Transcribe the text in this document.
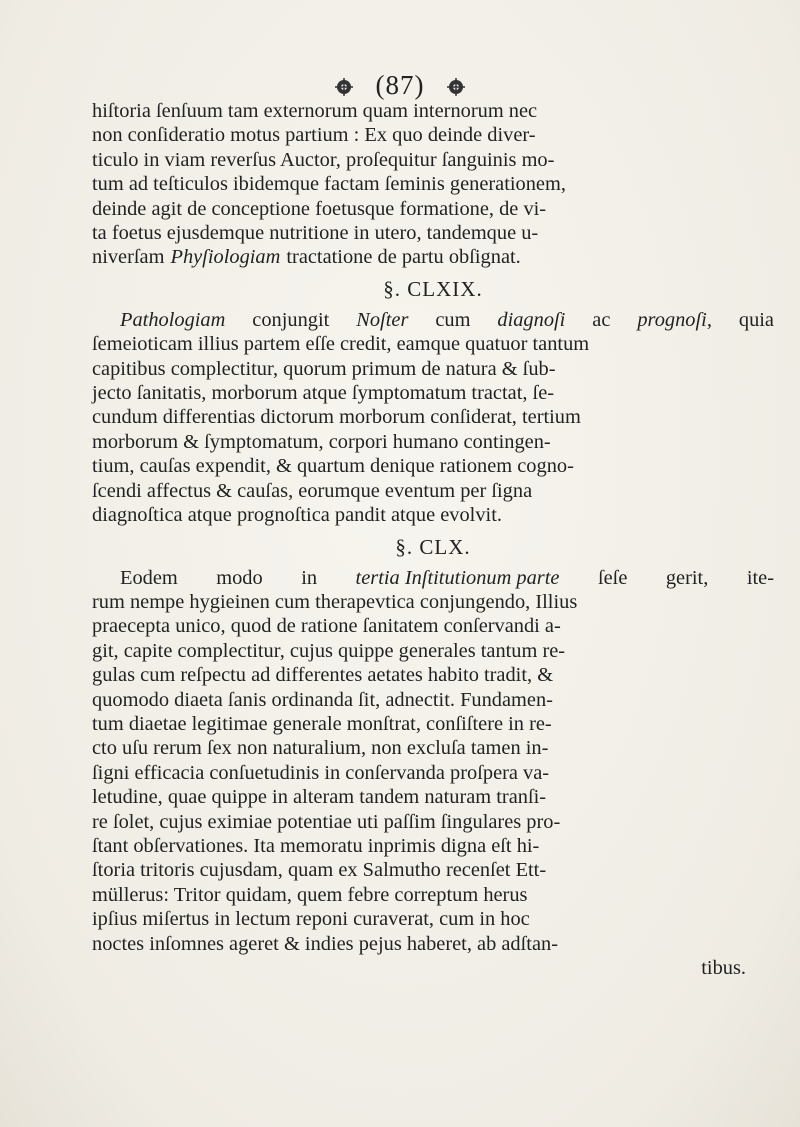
(87)
hiſtoria ſenſuum tam externorum quam internorum nec
non conſideratio motus partium : Ex quo deinde diver-
ticulo in viam reverſus Auctor, proſequitur ſanguinis mo-
tum ad teſticulos ibidemque factam ſeminis generationem,
deinde agit de conceptione foetusque formatione, de vi-
ta foetus ejusdemque nutritione in utero, tandemque u-
niverſam Phyſiologiam tractatione de partu obſignat.
§. CLXIX.
Pathologiam conjungit Noſter cum diagnoſi ac prognoſi, quia
ſemeioticam illius partem eſſe credit, eamque quatuor tantum
capitibus complectitur, quorum primum de natura & ſub-
jecto ſanitatis, morborum atque ſymptomatum tractat, ſe-
cundum differentias dictorum morborum conſiderat, tertium
morborum & ſymptomatum, corpori humano contingen-
tium, cauſas expendit, & quartum denique rationem cogno-
ſcendi affectus & cauſas, eorumque eventum per ſigna
diagnoſtica atque prognoſtica pandit atque evolvit.
§. CLX.
Eodem modo in tertia Inſtitutionum parte ſeſe gerit, ite-
rum nempe hygieinen cum therapevtica conjungendo, Illius
praecepta unico, quod de ratione ſanitatem conſervandi a-
git, capite complectitur, cujus quippe generales tantum re-
gulas cum reſpectu ad differentes aetates habito tradit, &
quomodo diaeta ſanis ordinanda ſit, adnectit. Fundamen-
tum diaetae legitimae generale monſtrat, conſiſtere in re-
cto uſu rerum ſex non naturalium, non excluſa tamen in-
ſigni efficacia conſuetudinis in conſervanda proſpera va-
letudine, quae quippe in alteram tandem naturam tranſi-
re ſolet, cujus eximiae potentiae uti paſſim ſingulares pro-
ſtant obſervationes. Ita memoratu inprimis digna eſt hi-
ſtoria tritoris cujusdam, quam ex Salmutho recenſet Ett-
müllerus: Tritor quidam, quem febre correptum herus
ipſius miſertus in lectum reponi curaverat, cum in hoc
noctes inſomnes ageret & indies pejus haberet, ab adſtan-
tibus.
